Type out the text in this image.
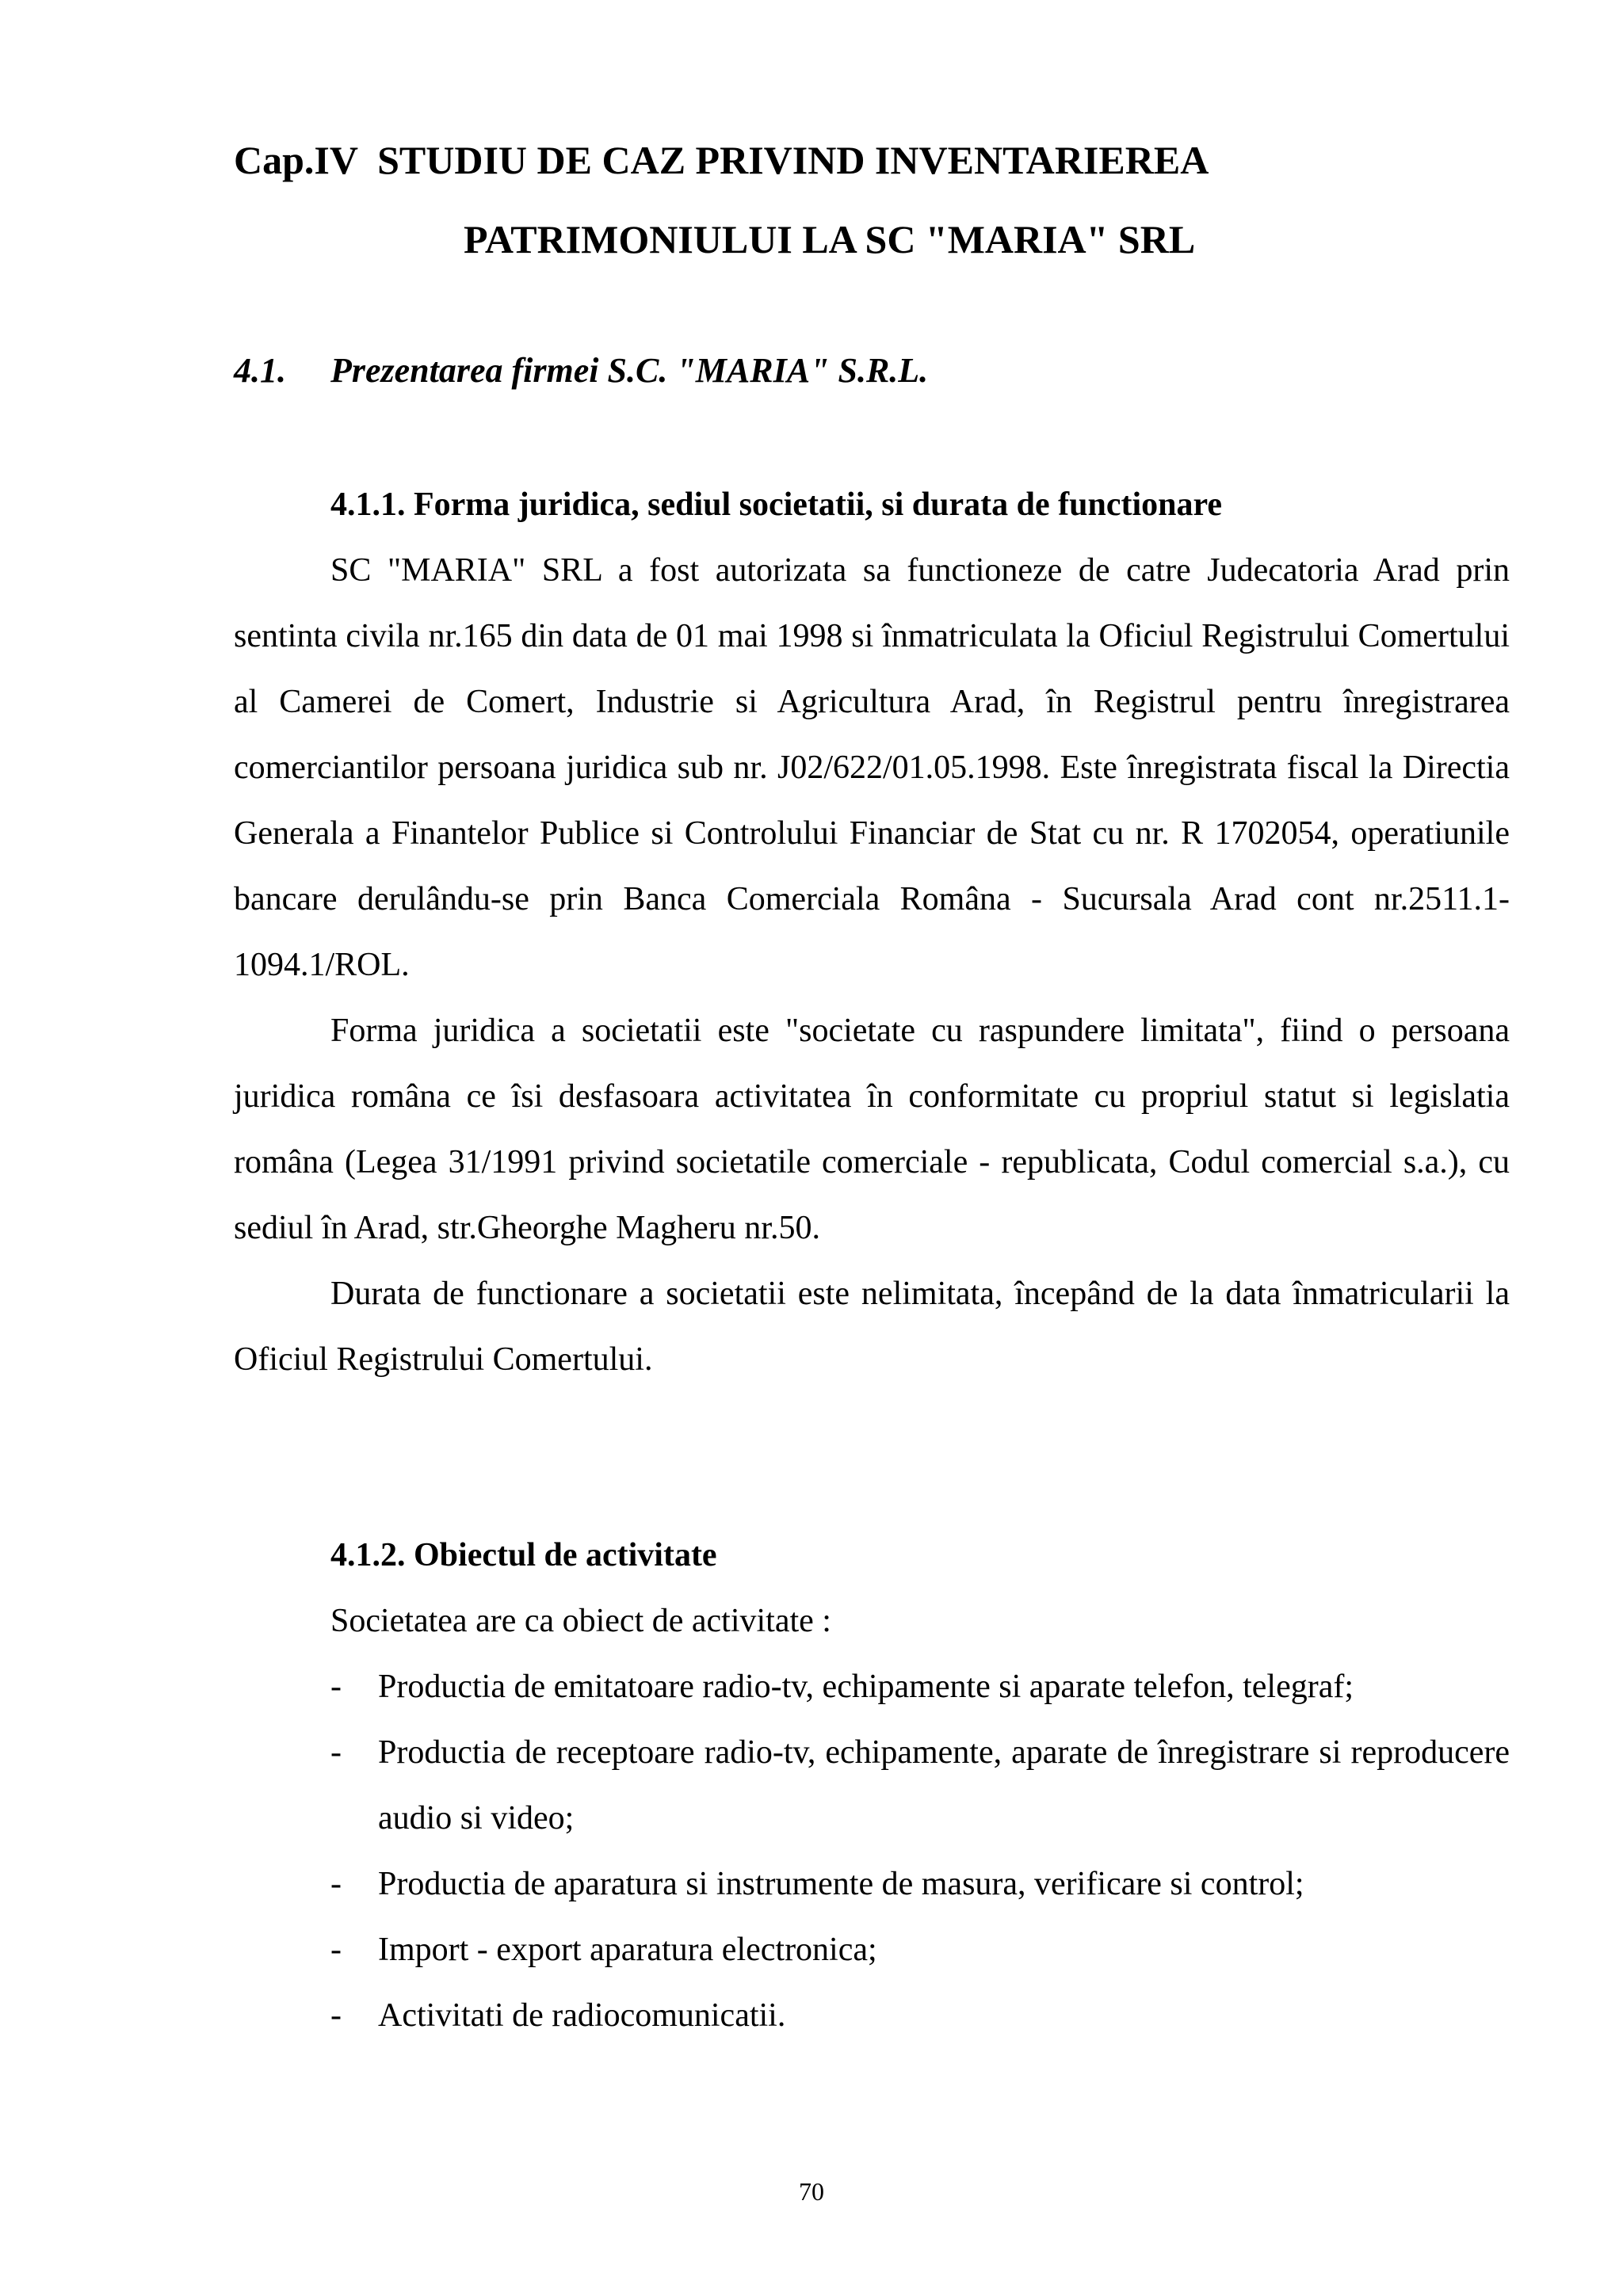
Cap.IV  STUDIU DE CAZ PRIVIND INVENTARIEREA
PATRIMONIULUI LA SC "MARIA" SRL
4.1. Prezentarea firmei S.C. "MARIA" S.R.L.
4.1.1. Forma juridica, sediul societatii, si durata de functionare

SC "MARIA" SRL a fost autorizata sa functioneze de catre Judecatoria Arad prin sentinta civila nr.165 din data de 01 mai 1998 si înmatriculata la Oficiul Registrului Comertului al Camerei de Comert, Industrie si Agricultura Arad, în Registrul pentru înregistrarea comerciantilor persoana juridica sub nr. J02/622/01.05.1998. Este înregistrata fiscal la Directia Generala a Finantelor Publice si Controlului Financiar de Stat cu nr. R 1702054, operatiunile bancare derulându-se prin Banca Comerciala Româna - Sucursala Arad cont nr.2511.1-1094.1/ROL.

Forma juridica a societatii este "societate cu raspundere limitata", fiind o persoana juridica româna ce îsi desfasoara activitatea în conformitate cu propriul statut si legislatia româna (Legea 31/1991 privind societatile comerciale - republicata, Codul comercial s.a.), cu sediul în Arad, str.Gheorghe Magheru nr.50.

Durata de functionare a societatii este nelimitata, începând de la data înmatricularii la Oficiul Registrului Comertului.

4.1.2. Obiectul de activitate

Societatea are ca obiect de activitate :

- Productia de emitatoare radio-tv, echipamente si aparate telefon, telegraf;
- Productia de receptoare radio-tv, echipamente, aparate de înregistrare si reproducere audio si video;
- Productia de aparatura si instrumente de masura, verificare si control;
- Import - export aparatura electronica;
- Activitati de radiocomunicatii.
70
